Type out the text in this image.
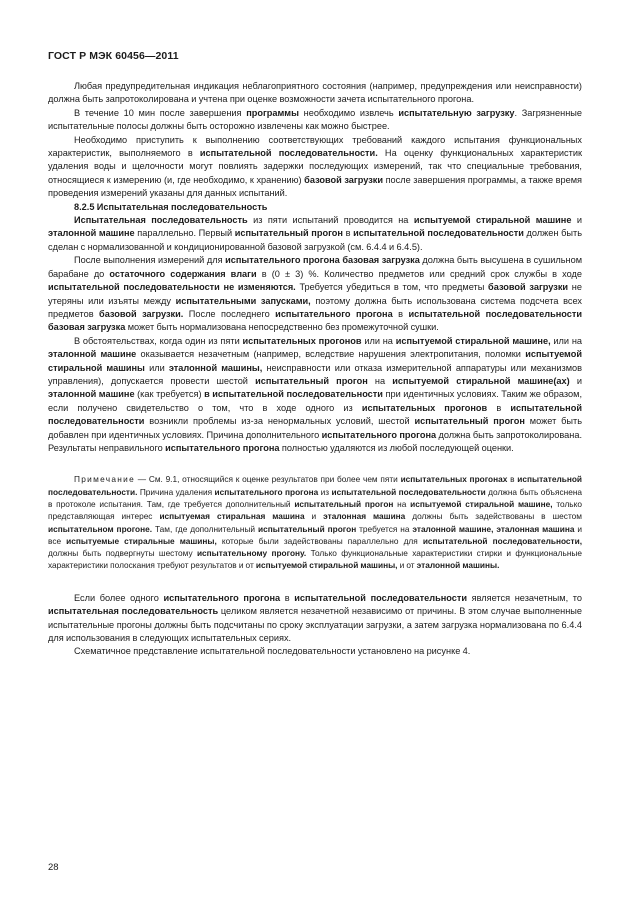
ГОСТ Р МЭК 60456—2011

Любая предупредительная индикация неблагоприятного состояния (например, предупреждения или неисправности) должна быть запротоколирована и учтена при оценке возможности зачета испытательного прогона.

В течение 10 мин после завершения программы необходимо извлечь испытательную загрузку. Загрязненные испытательные полосы должны быть осторожно извлечены как можно быстрее.

Необходимо приступить к выполнению соответствующих требований каждого испытания функциональных характеристик, выполняемого в испытательной последовательности. На оценку функциональных характеристик удаления воды и щелочности могут повлиять задержки последующих измерений, так что специальные требования, относящиеся к измерению (и, где необходимо, к хранению) базовой загрузки после завершения программы, а также время проведения измерений указаны для данных испытаний.

8.2.5 Испытательная последовательность

Испытательная последовательность из пяти испытаний проводится на испытуемой стиральной машине и эталонной машине параллельно. Первый испытательный прогон в испытательной последовательности должен быть сделан с нормализованной и кондиционированной базовой загрузкой (см. 6.4.4 и 6.4.5).

После выполнения измерений для испытательного прогона базовая загрузка должна быть высушена в сушильном барабане до остаточного содержания влаги в (0 ± 3) %. Количество предметов или средний срок службы в ходе испытательной последовательности не изменяются. Требуется убедиться в том, что предметы базовой загрузки не утеряны или изъяты между испытательными запусками, поэтому должна быть использована система подсчета всех предметов базовой загрузки. После последнего испытательного прогона в испытательной последовательности базовая загрузка может быть нормализована непосредственно без промежуточной сушки.

В обстоятельствах, когда один из пяти испытательных прогонов или на испытуемой стиральной машине, или на эталонной машине оказывается незачетным (например, вследствие нарушения электропитания, поломки испытуемой стиральной машины или эталонной машины, неисправности или отказа измерительной аппаратуры или механизмов управления), допускается провести шестой испытательный прогон на испытуемой стиральной машине(ах) и эталонной машине (как требуется) в испытательной последовательности при идентичных условиях. Таким же образом, если получено свидетельство о том, что в ходе одного из испытательных прогонов в испытательной последовательности возникли проблемы из-за ненормальных условий, шестой испытательный прогон может быть добавлен при идентичных условиях. Причина дополнительного испытательного прогона должна быть запротоколирована. Результаты неправильного испытательного прогона полностью удаляются из любой последующей оценки.

Примечание — См. 9.1, относящийся к оценке результатов при более чем пяти испытательных прогонах в испытательной последовательности. Причина удаления испытательного прогона из испытательной последовательности должна быть объяснена в протоколе испытания. Там, где требуется дополнительный испытательный прогон на испытуемой стиральной машине, только представляющая интерес испытуемая стиральная машина и эталонная машина должны быть задействованы в шестом испытательном прогоне. Там, где дополнительный испытательный прогон требуется на эталонной машине, эталонная машина и все испытуемые стиральные машины, которые были задействованы параллельно для испытательной последовательности, должны быть подвергнуты шестому испытательному прогону. Только функциональные характеристики стирки и функциональные характеристики полоскания требуют результатов и от испытуемой стиральной машины, и от эталонной машины.

Если более одного испытательного прогона в испытательной последовательности является незачетным, то испытательная последовательность целиком является незачетной независимо от причины. В этом случае выполненные испытательные прогоны должны быть подсчитаны по сроку эксплуатации загрузки, а затем загрузка нормализована по 6.4.4 для использования в следующих испытательных сериях.

Схематичное представление испытательной последовательности установлено на рисунке 4.

28
